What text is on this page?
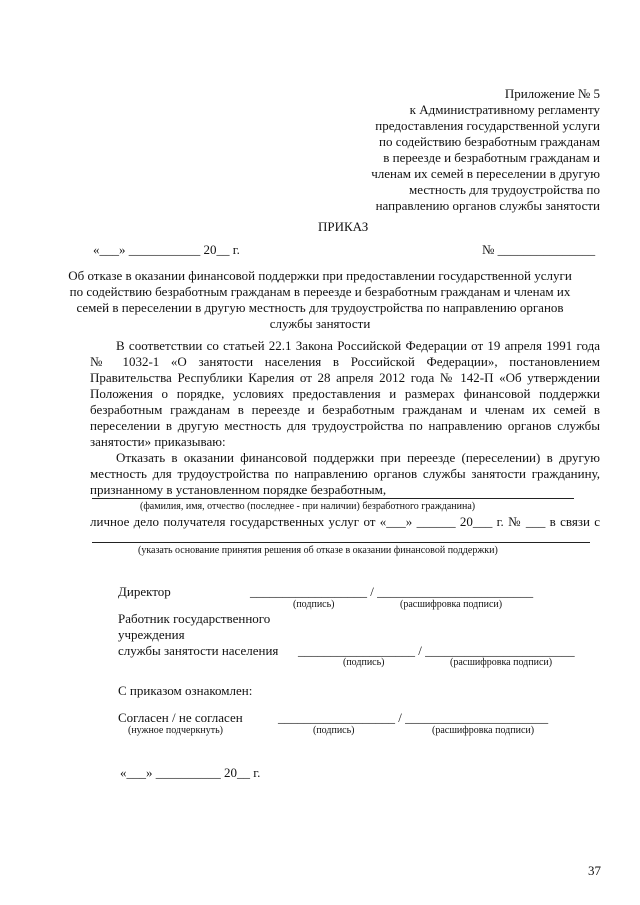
Приложение № 5
к Административному регламенту
предоставления государственной услуги
по содействию безработным гражданам
в переезде и безработным гражданам и
членам их семей в переселении в другую
местность для трудоустройства по
направлению органов службы занятости
ПРИКАЗ
«___» ___________ 20__ г.	№ _______________
Об отказе в оказании финансовой поддержки при предоставлении государственной услуги
по содействию безработным гражданам в переезде и безработным гражданам и членам их
семей в переселении в другую местность для трудоустройства по направлению органов
службы занятости
В соответствии со статьей 22.1 Закона Российской Федерации от 19 апреля 1991 года
№ 1032-1 «О занятости населения в Российской Федерации», постановлением
Правительства Республики Карелия от 28 апреля 2012 года № 142-П «Об утверждении
Положения о порядке, условиях предоставления и размерах финансовой поддержки
безработным гражданам в переезде и безработным гражданам и членам их семей в
переселении в другую местность для трудоустройства по направлению органов службы
занятости» приказываю:
Отказать в оказании финансовой поддержки при переезде (переселении) в другую
местность для трудоустройства по направлению органов службы занятости гражданину,
признанному в установленном порядке безработным,
(фамилия, имя, отчество (последнее - при наличии) безработного гражданина)
личное дело получателя государственных услуг от «___» ______ 20___ г. № ___ в связи с
(указать основание принятия решения об отказе в оказании финансовой поддержки)
Директор	__________________ / ________________________
(подпись)	(расшифровка подписи)
Работник государственного
учреждения
службы занятости населения __________________ / _______________________
(подпись)	(расшифровка подписи)
С приказом ознакомлен:
Согласен / не согласен
(нужное подчеркнуть)
__________________ / ______________________
(подпись)	(расшифровка подписи)
«___» __________ 20__ г.
37
